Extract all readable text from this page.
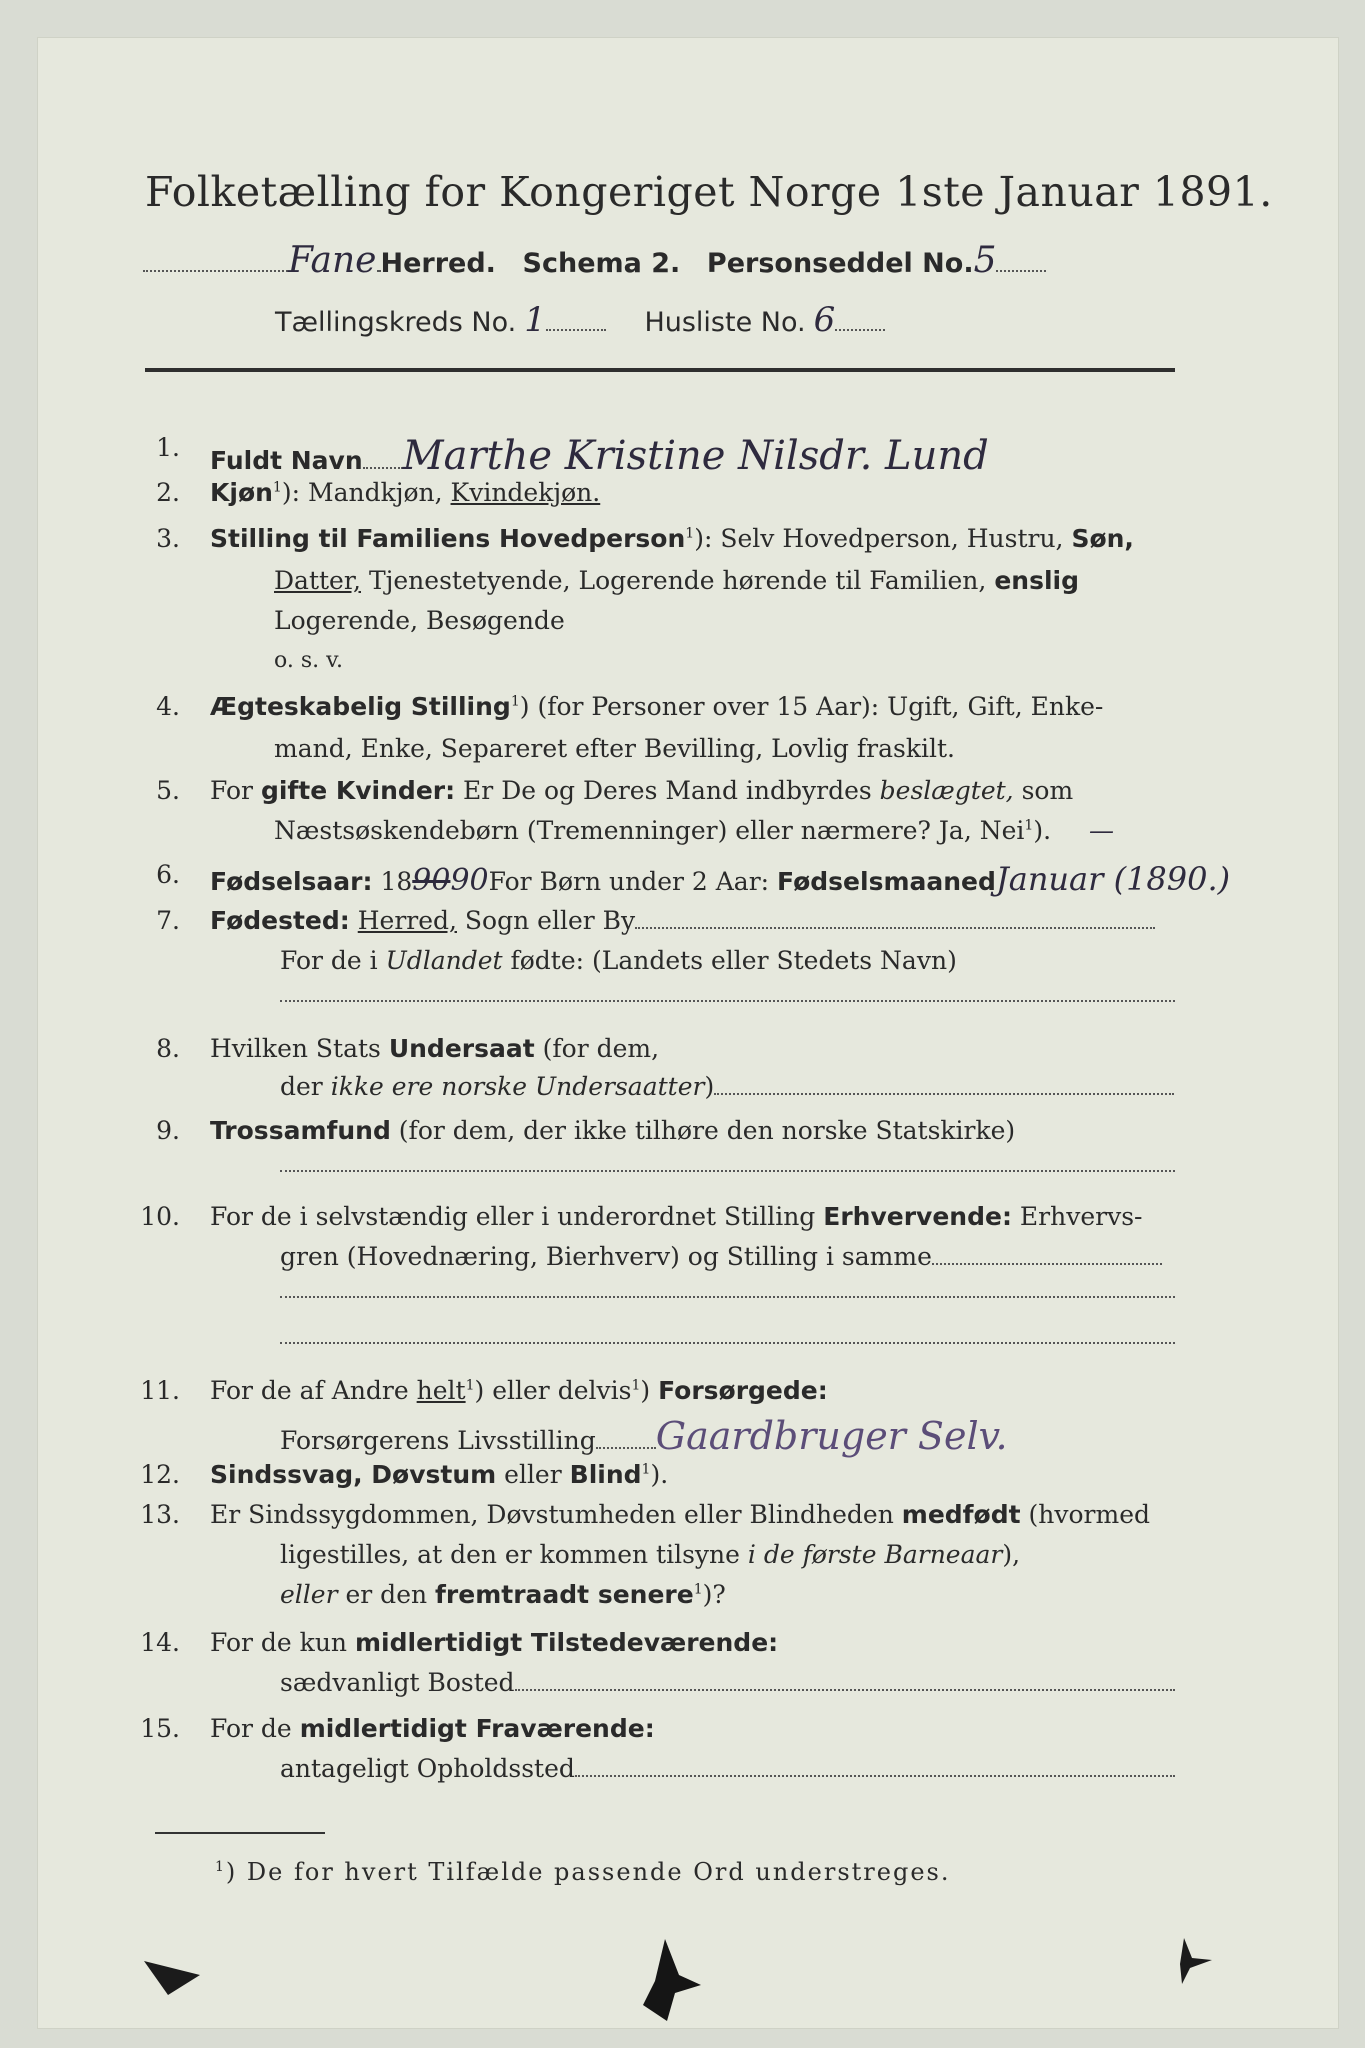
Folketælling for Kongeriget Norge 1ste Januar 1891.
Fane Herred. Schema 2. Personseddel No.5
Tællingskreds No. 1	Husliste No. 6
1. Fuldt Navn Marthe Kristine Nilsdr. Lund
2. Kjøn$^1$): Mandkjøn, Kvindekjøn.
3. Stilling til Familiens Hovedperson$^1$): Selv Hovedperson, Hustru, Søn,
Datter, Tjenestetyende, Logerende hørende til Familien, enslig
Logerende, Besøgende
o. s. v.
4. Ægteskabelig Stilling$^1$) (for Personer over 15 Aar): Ugift, Gift, Enke-
mand, Enke, Separeret efter Bevilling, Lovlig fraskilt.
5. For gifte Kvinder: Er De og Deres Mand indbyrdes beslægtet, som
Næstsøskendebørn (Tremenninger) eller nærmere? Ja, Nei$^1$). —
6. Fødselsaar: 189090For Børn under 2 Aar: FødselsmaanedJanuar (1890.)
7. Fødested: Herred, Sogn eller By
For de i Udlandet fødte: (Landets eller Stedets Navn)
8. Hvilken Stats Undersaat (for dem,
der ikke ere norske Undersaatter)
9. Trossamfund (for dem, der ikke tilhøre den norske Statskirke)
10. For de i selvstændig eller i underordnet Stilling Erhvervende: Erhvervs-
gren (Hovednæring, Bierhverv) og Stilling i samme
11. For de af Andre helt$^1$) eller delvis$^1$) Forsørgede:
Forsørgerens Livsstilling Gaardbruger Selv.
12. Sindssvag, Døvstum eller Blind$^1$).
13. Er Sindssygdommen, Døvstumheden eller Blindheden medfødt (hvormed
ligestilles, at den er kommen tilsyne i de første Barneaar),
eller er den fremtraadt senere$^1$)?
14. For de kun midlertidigt Tilstedeværende:
sædvanligt Bosted
15. For de midlertidigt Fraværende:
antageligt Opholdssted
$^1$) De for hvert Tilfælde passende Ord understreges.
